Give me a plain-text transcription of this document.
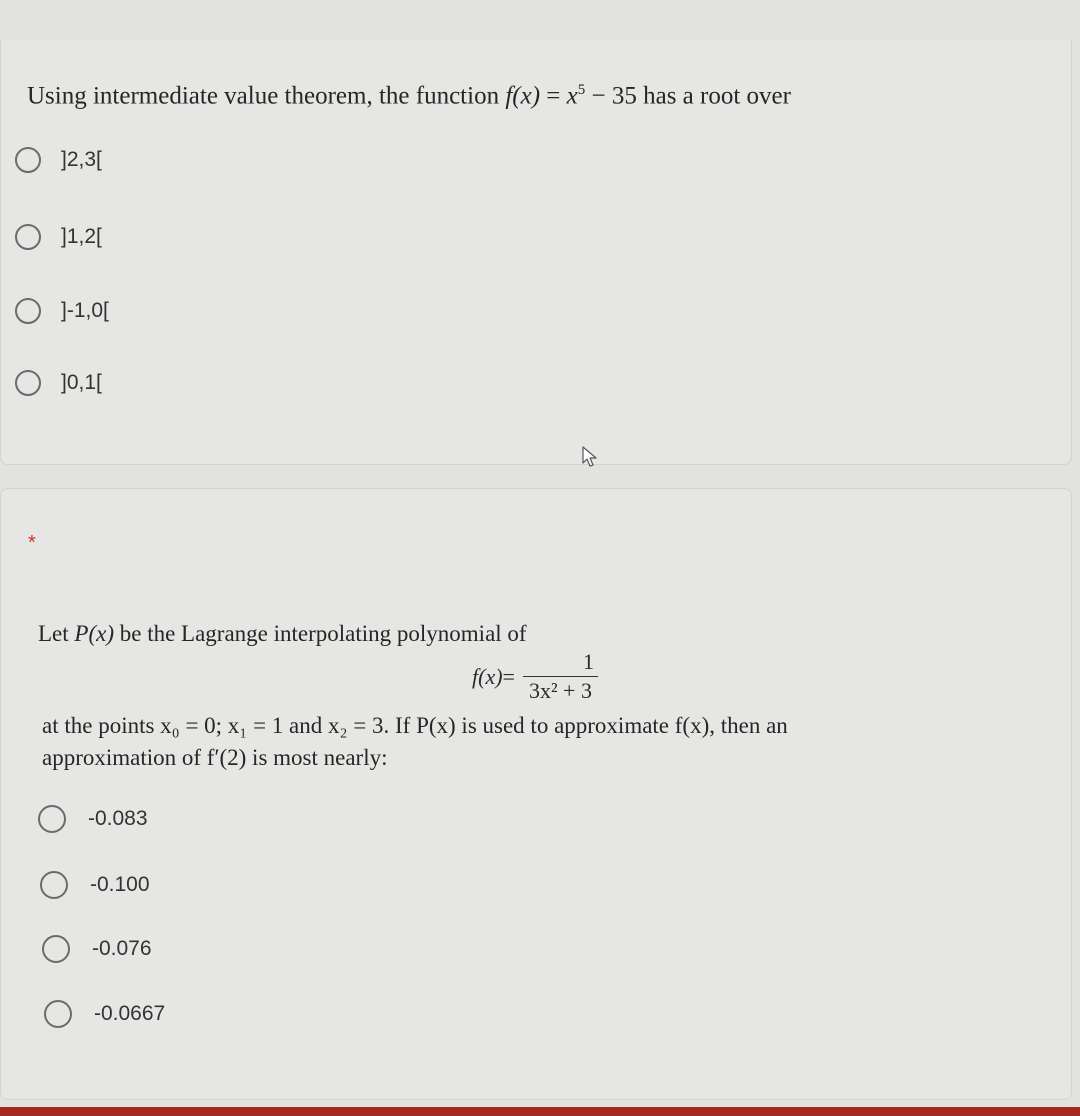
Using intermediate value theorem, the function $f(x) = x^5 - 35$ has a root over
]2,3[
]1,2[
]-1,0[
]0,1[
*
Let P(x) be the Lagrange interpolating polynomial of
$f(x) = \frac{1}{\text{3x² + 3}}$
at the points x₀ = 0; x₁ = 1 and x₂ = 3. If P(x) is used to approximate f(x), then an
approximation of f′(2) is most nearly:
-0.083
-0.100
-0.076
-0.0667
